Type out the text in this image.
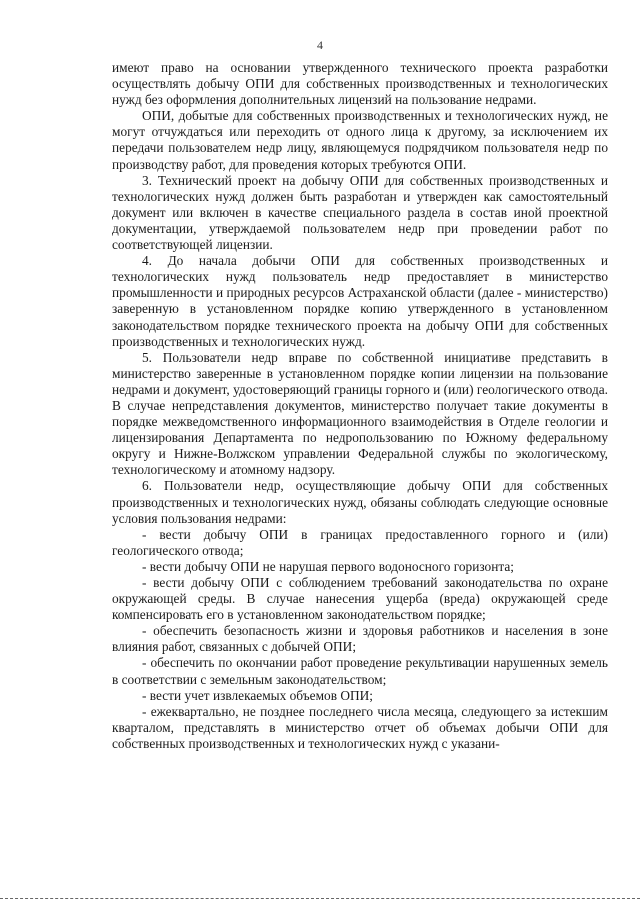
4

имеют право на основании утвержденного технического проекта разработки осуществлять добычу ОПИ для собственных производственных и технологических нужд без оформления дополнительных лицензий на пользование недрами.

ОПИ, добытые для собственных производственных и технологических нужд, не могут отчуждаться или переходить от одного лица к другому, за исключением их передачи пользователем недр лицу, являющемуся подрядчиком пользователя недр по производству работ, для проведения которых требуются ОПИ.

3. Технический проект на добычу ОПИ для собственных производственных и технологических нужд должен быть разработан и утвержден как самостоятельный документ или включен в качестве специального раздела в состав иной проектной документации, утверждаемой пользователем недр при проведении работ по соответствующей лицензии.

4. До начала добычи ОПИ для собственных производственных и технологических нужд пользователь недр предоставляет в министерство промышленности и природных ресурсов Астраханской области (далее - министерство) заверенную в установленном порядке копию утвержденного в установленном законодательством порядке технического проекта на добычу ОПИ для собственных производственных и технологических нужд.

5. Пользователи недр вправе по собственной инициативе представить в министерство заверенные в установленном порядке копии лицензии на пользование недрами и документ, удостоверяющий границы горного и (или) геологического отвода. В случае непредставления документов, министерство получает такие документы в порядке межведомственного информационного взаимодействия в Отделе геологии и лицензирования Департамента по недропользованию по Южному федеральному округу и Нижне-Волжском управлении Федеральной службы по экологическому, технологическому и атомному надзору.

6. Пользователи недр, осуществляющие добычу ОПИ для собственных производственных и технологических нужд, обязаны соблюдать следующие основные условия пользования недрами:

- вести добычу ОПИ в границах предоставленного горного и (или) геологического отвода;

- вести добычу ОПИ не нарушая первого водоносного горизонта;

- вести добычу ОПИ с соблюдением требований законодательства по охране окружающей среды. В случае нанесения ущерба (вреда) окружающей среде компенсировать его в установленном законодательством порядке;

- обеспечить безопасность жизни и здоровья работников и населения в зоне влияния работ, связанных с добычей ОПИ;

- обеспечить по окончании работ проведение рекультивации нарушенных земель в соответствии с земельным законодательством;

- вести учет извлекаемых объемов ОПИ;

- ежеквартально, не позднее последнего числа месяца, следующего за истекшим кварталом, представлять в министерство отчет об объемах добычи ОПИ для собственных производственных и технологических нужд с указани-
